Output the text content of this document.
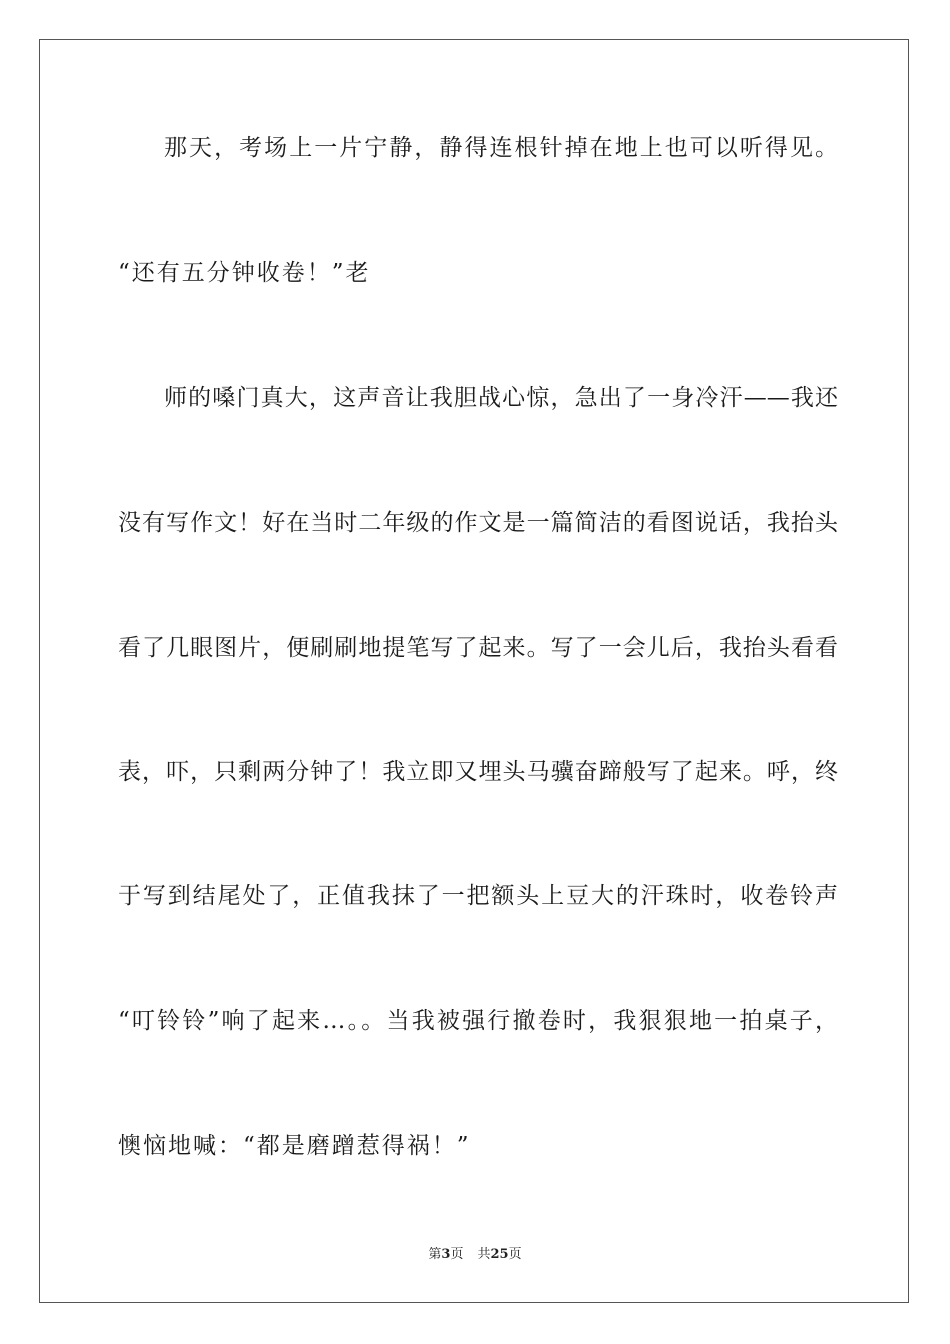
那天，考场上一片宁静，静得连根针掉在地上也可以听得见。
“还有五分钟收卷！”老
师的嗓门真大，这声音让我胆战心惊，急出了一身冷汗——我还
没有写作文！好在当时二年级的作文是一篇简洁的看图说话，我抬头
看了几眼图片，便刷刷地提笔写了起来。写了一会儿后，我抬头看看
表，吓，只剩两分钟了！我立即又埋头马骥奋蹄般写了起来。呼，终
于写到结尾处了，正值我抹了一把额头上豆大的汗珠时，收卷铃声
“叮铃铃”响了起来…。。当我被强行撤卷时，我狠狠地一拍桌子，
懊恼地喊：“都是磨蹭惹得祸！”
第3页 共25页
